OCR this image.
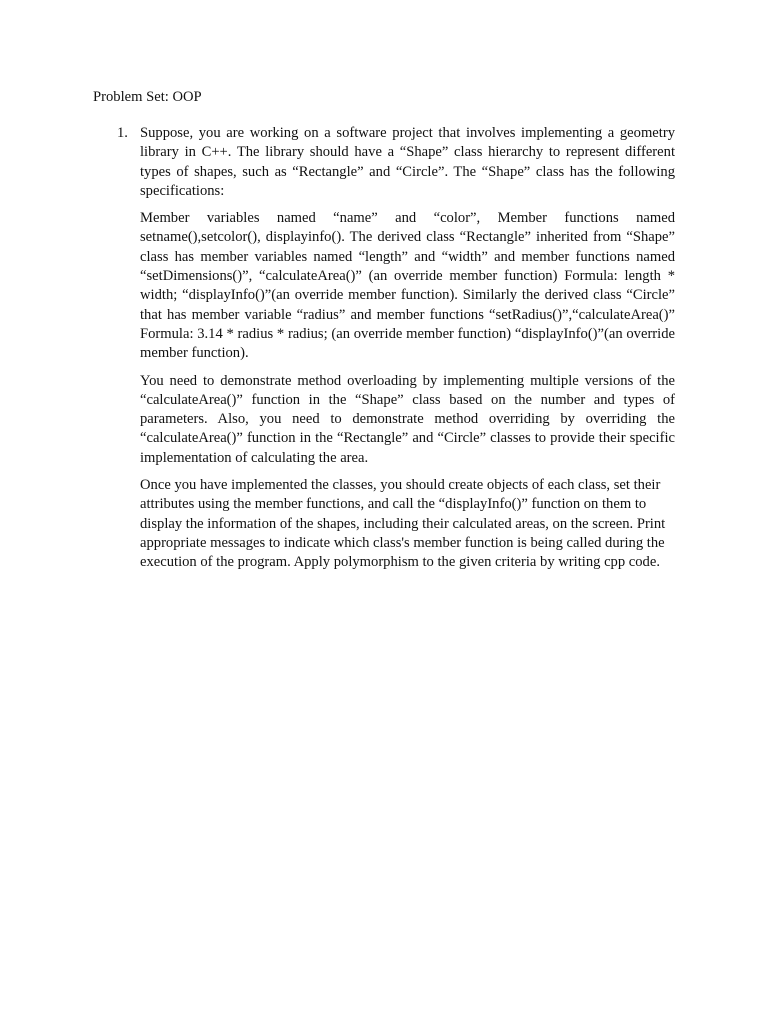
Problem Set: OOP
1. Suppose, you are working on a software project that involves implementing a geometry library in C++. The library should have a “Shape” class hierarchy to represent different types of shapes, such as “Rectangle” and “Circle”. The “Shape” class has the following specifications:

Member variables named “name” and “color”, Member functions named setname(),setcolor(), displayinfo(). The derived class “Rectangle” inherited from “Shape” class has member variables named “length” and “width” and member functions named “setDimensions()”, “calculateArea()” (an override member function) Formula: length * width; “displayInfo()”(an override member function). Similarly the derived class “Circle” that has member variable “radius” and member functions “setRadius()”,“calculateArea()” Formula: 3.14 * radius * radius; (an override member function) “displayInfo()”(an override member function).

You need to demonstrate method overloading by implementing multiple versions of the “calculateArea()” function in the “Shape” class based on the number and types of parameters. Also, you need to demonstrate method overriding by overriding the “calculateArea()” function in the “Rectangle” and “Circle” classes to provide their specific implementation of calculating the area.

Once you have implemented the classes, you should create objects of each class, set their attributes using the member functions, and call the “displayInfo()” function on them to display the information of the shapes, including their calculated areas, on the screen. Print appropriate messages to indicate which class's member function is being called during the execution of the program. Apply polymorphism to the given criteria by writing cpp code.
